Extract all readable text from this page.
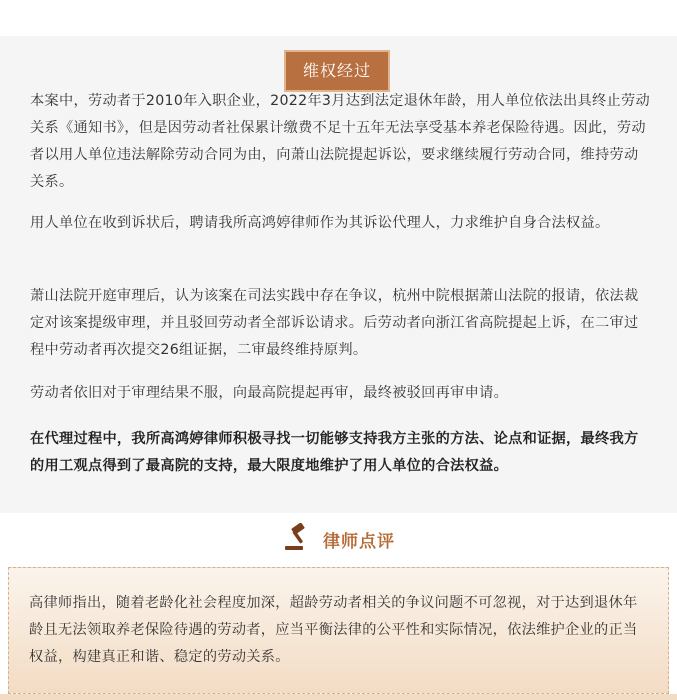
维权经过

本案中，劳动者于2010年入职企业，2022年3月达到法定退休年龄，用人单位依法出具终止劳动关系《通知书》，但是因劳动者社保累计缴费不足十五年无法享受基本养老保险待遇。因此，劳动者以用人单位违法解除劳动合同为由，向萧山法院提起诉讼，要求继续履行劳动合同，维持劳动关系。

用人单位在收到诉状后，聘请我所高鸿婷律师作为其诉讼代理人，力求维护自身合法权益。

萧山法院开庭审理后，认为该案在司法实践中存在争议，杭州中院根据萧山法院的报请，依法裁定对该案提级审理，并且驳回劳动者全部诉讼请求。后劳动者向浙江省高院提起上诉，在二审过程中劳动者再次提交26组证据，二审最终维持原判。

劳动者依旧对于审理结果不服，向最高院提起再审，最终被驳回再审申请。

在代理过程中，我所高鸿婷律师积极寻找一切能够支持我方主张的方法、论点和证据，最终我方的用工观点得到了最高院的支持，最大限度地维护了用人单位的合法权益。

律师点评

高律师指出，随着老龄化社会程度加深，超龄劳动者相关的争议问题不可忽视，对于达到退休年龄且无法领取养老保险待遇的劳动者，应当平衡法律的公平性和实际情况，依法维护企业的正当权益，构建真正和谐、稳定的劳动关系。
